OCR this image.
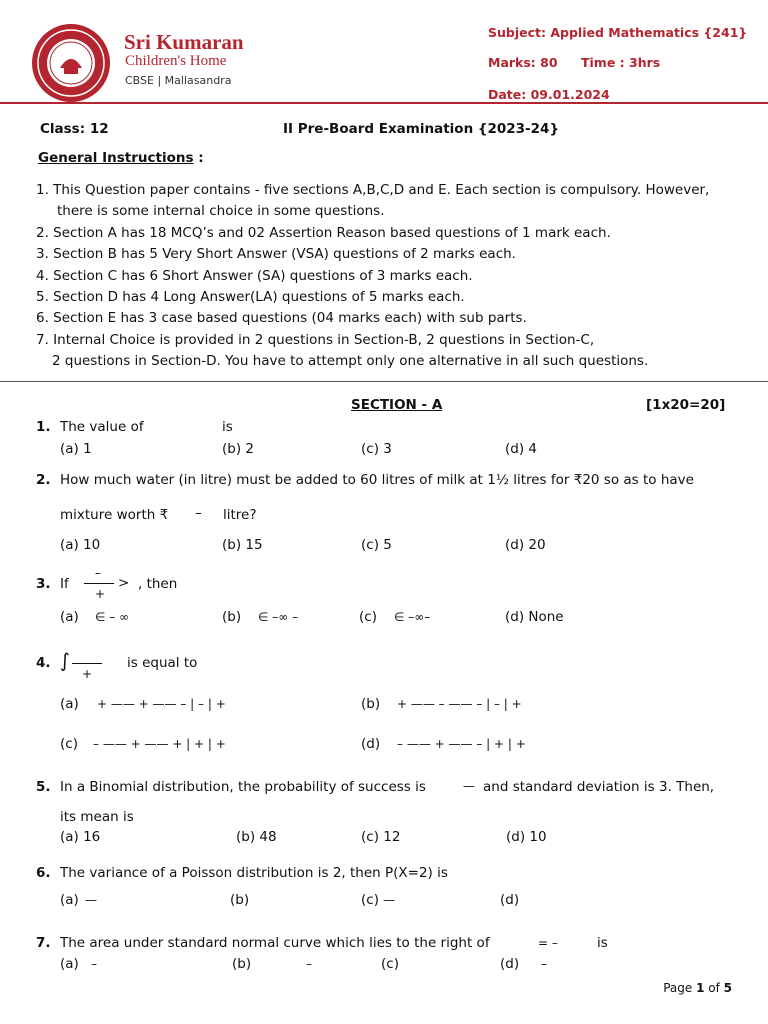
Sri Kumaran
Children's Home
CBSE | Mallasandra
Subject: Applied Mathematics {241}
Marks: 80 Time : 3hrs
Date: 09.01.2024
Class: 12	II Pre-Board Examination {2023-24}
General Instructions :
1. This Question paper contains - five sections A,B,C,D and E. Each section is compulsory. However,
there is some internal choice in some questions.
2. Section A has 18 MCQ’s and 02 Assertion Reason based questions of 1 mark each.
3. Section B has 5 Very Short Answer (VSA) questions of 2 marks each.
4. Section C has 6 Short Answer (SA) questions of 3 marks each.
5. Section D has 4 Long Answer(LA) questions of 5 marks each.
6. Section E has 3 case based questions (04 marks each) with sub parts.
7. Internal Choice is provided in 2 questions in Section-B, 2 questions in Section-C,
2 questions in Section-D. You have to attempt only one alternative in all such questions.
SECTION - A	[1x20=20]
1. The value of	is
(a) 1	(b) 2	(c) 3	(d) 4
2. How much water (in litre) must be added to 60 litres of milk at 1½ litres for ₹20 so as to have
mixture worth ₹ – litre?
(a) 10	(b) 15	(c) 5	(d) 20
3. If
–
+
> , then
(a) ∈ – ∞	(b) ∈ –∞ –	(c) ∈ –∞–	(d) None
4. ∫
+
is equal to
(a) + —— + —— – | – | +	(b) + —— – —— – | – | +
(c) – —— + —— + | + | +	(d) – —— + —— – | + | +
5. In a Binomial distribution, the probability of success is	— and standard deviation is 3. Then,
its mean is
(a) 16	(b) 48	(c) 12	(d) 10
6. The variance of a Poisson distribution is 2, then P(X=2) is
(a) —	(b)	(c) —	(d)
7. The area under standard normal curve which lies to the right of	= –	is
(a) –	(b)	–	(c)	(d) –
Page 1 of 5
